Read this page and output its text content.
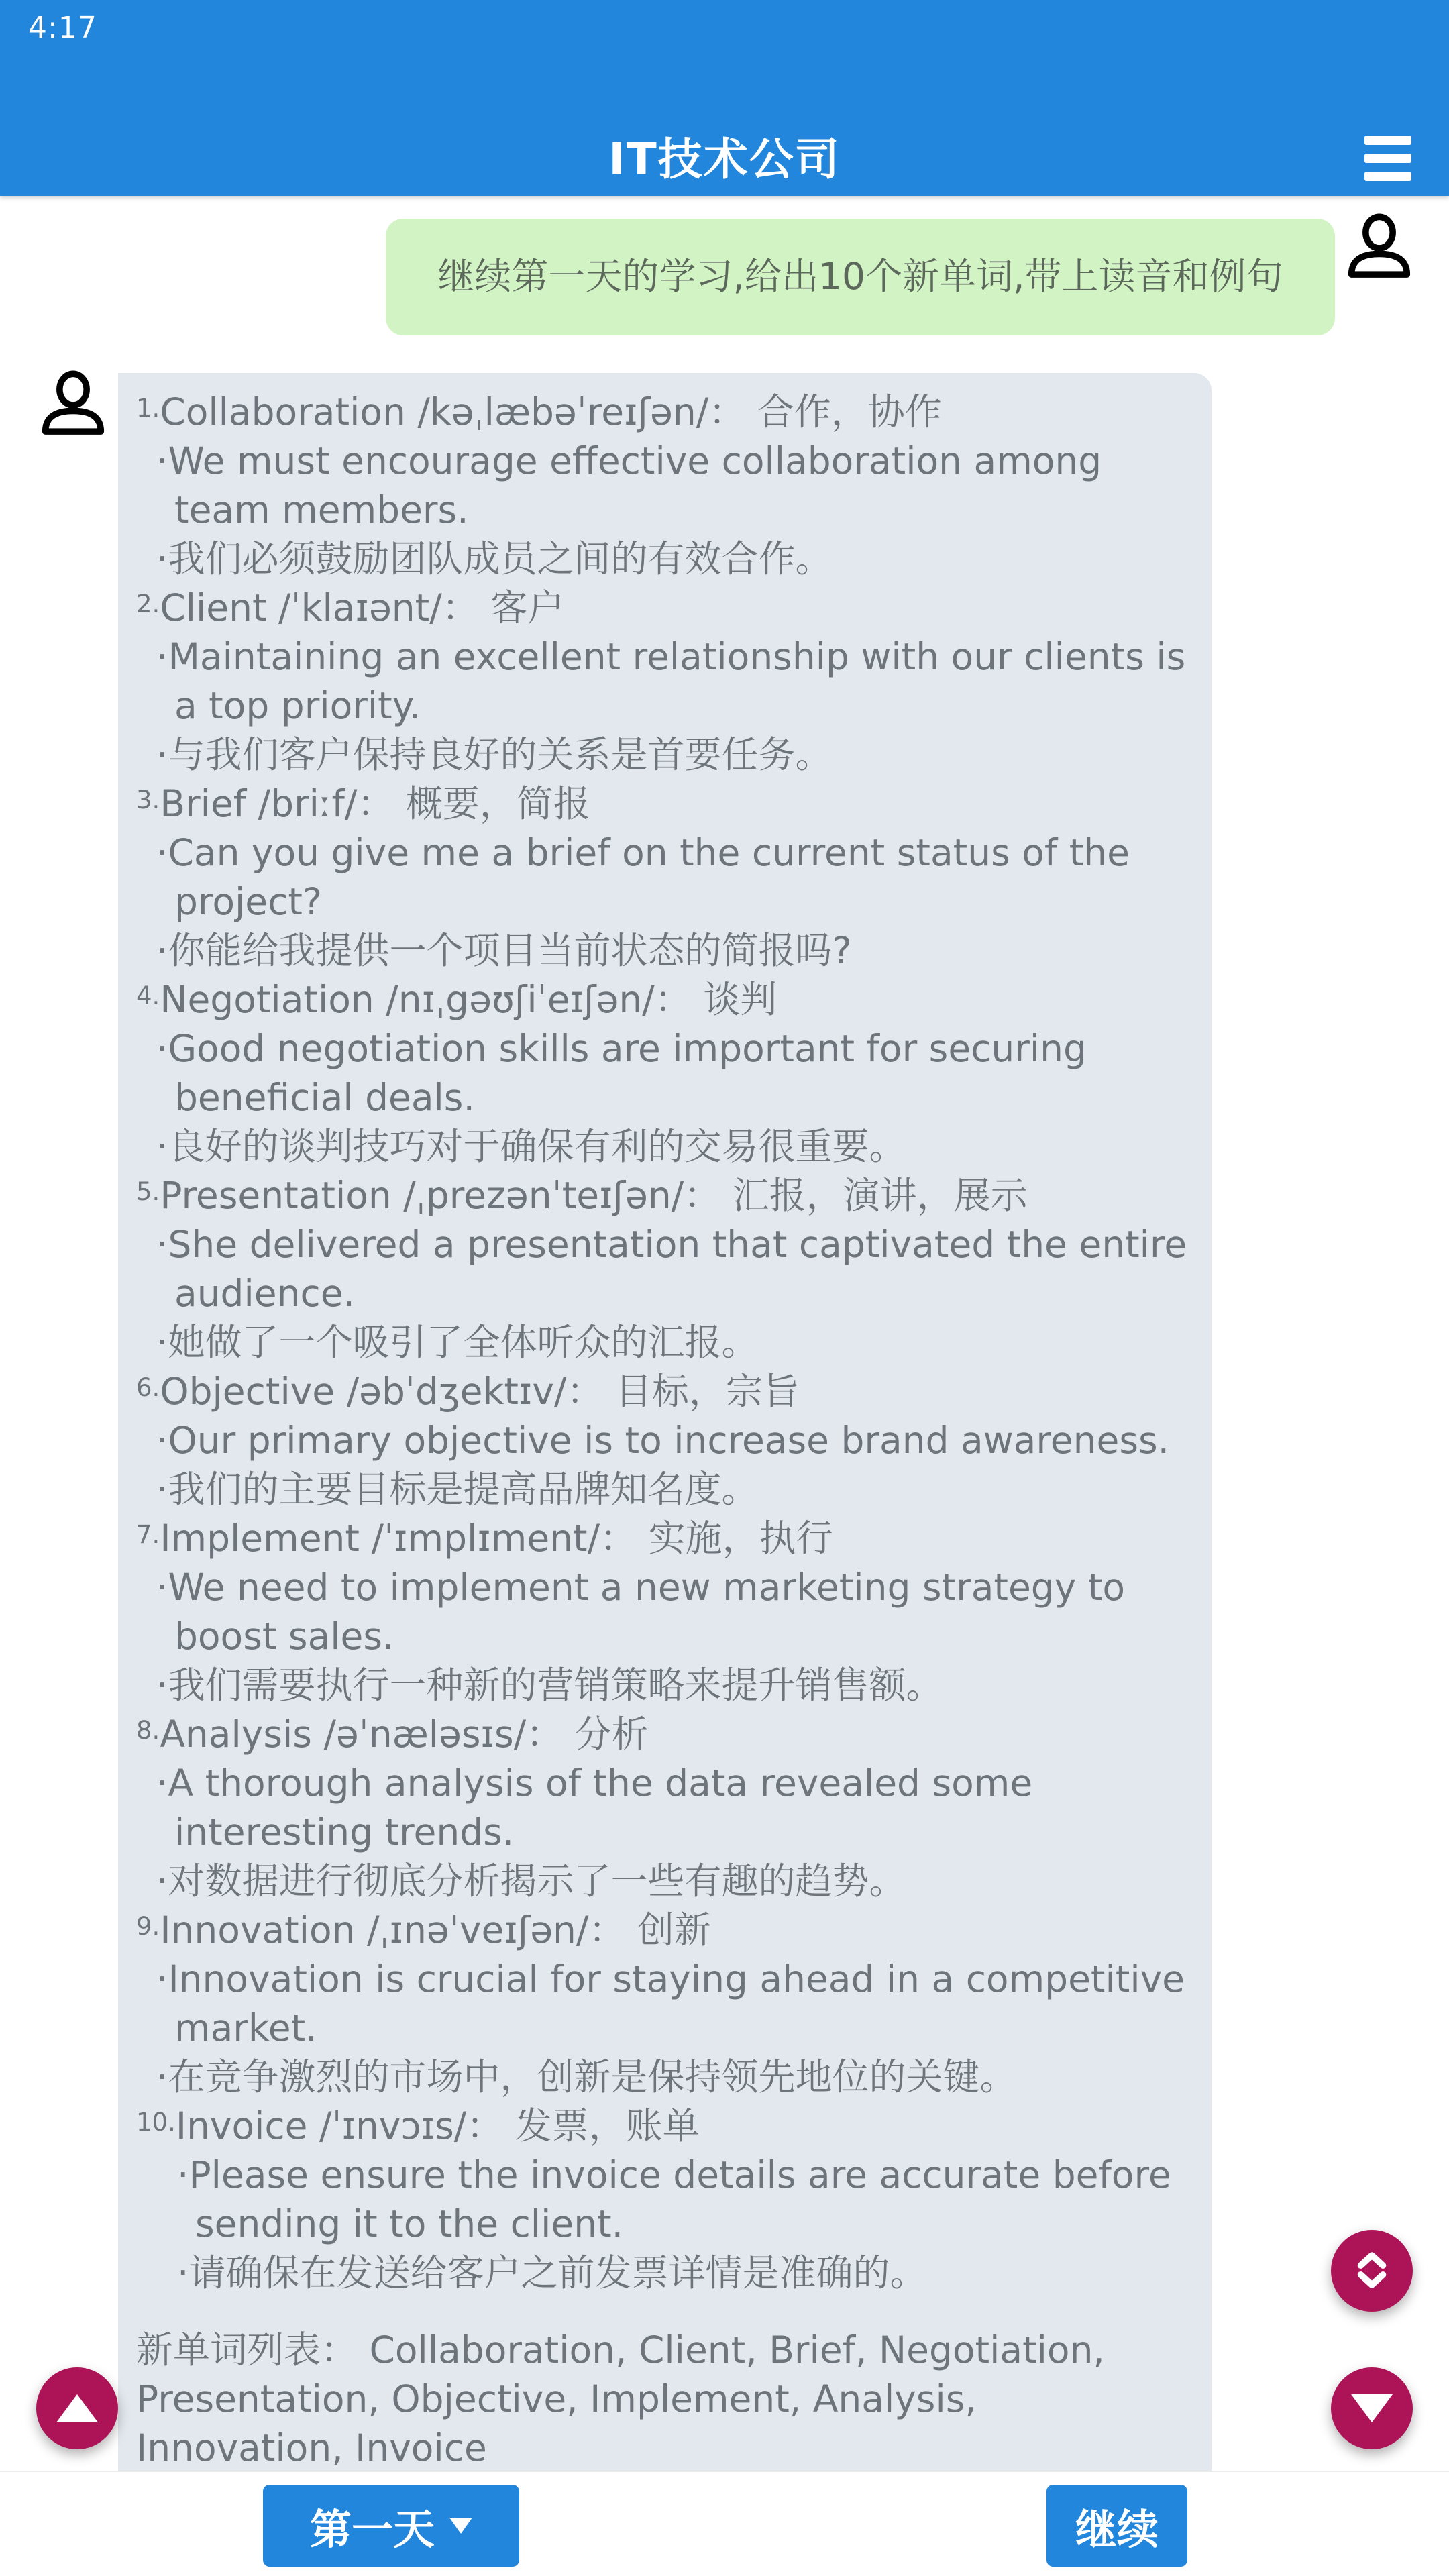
4:17
IT技术公司
继续第一天的学习,给出10个新单词,带上读音和例句
1.Collaboration /kəˌlæbəˈreɪʃən/： 合作，协作
·We must encourage effective collaboration among team members.
·我们必须鼓励团队成员之间的有效合作。
2.Client /ˈklaɪənt/： 客户
·Maintaining an excellent relationship with our clients is a top priority.
·与我们客户保持良好的关系是首要任务。
3.Brief /briːf/： 概要，简报
·Can you give me a brief on the current status of the project?
·你能给我提供一个项目当前状态的简报吗?
4.Negotiation /nɪˌgəʊʃiˈeɪʃən/： 谈判
·Good negotiation skills are important for securing beneficial deals.
·良好的谈判技巧对于确保有利的交易很重要。
5.Presentation /ˌprezənˈteɪʃən/： 汇报，演讲，展示
·She delivered a presentation that captivated the entire audience.
·她做了一个吸引了全体听众的汇报。
6.Objective /əbˈdʒektɪv/： 目标，宗旨
·Our primary objective is to increase brand awareness.
·我们的主要目标是提高品牌知名度。
7.Implement /ˈɪmplɪment/： 实施，执行
·We need to implement a new marketing strategy to boost sales.
·我们需要执行一种新的营销策略来提升销售额。
8.Analysis /əˈnæləsɪs/： 分析
·A thorough analysis of the data revealed some interesting trends.
·对数据进行彻底分析揭示了一些有趣的趋势。
9.Innovation /ˌɪnəˈveɪʃən/： 创新
·Innovation is crucial for staying ahead in a competitive market.
·在竞争激烈的市场中，创新是保持领先地位的关键。
10.Invoice /ˈɪnvɔɪs/： 发票，账单
·Please ensure the invoice details are accurate before sending it to the client.
·请确保在发送给客户之前发票详情是准确的。

新单词列表： Collaboration, Client, Brief, Negotiation, Presentation, Objective, Implement, Analysis, Innovation, Invoice

第一天	继续
